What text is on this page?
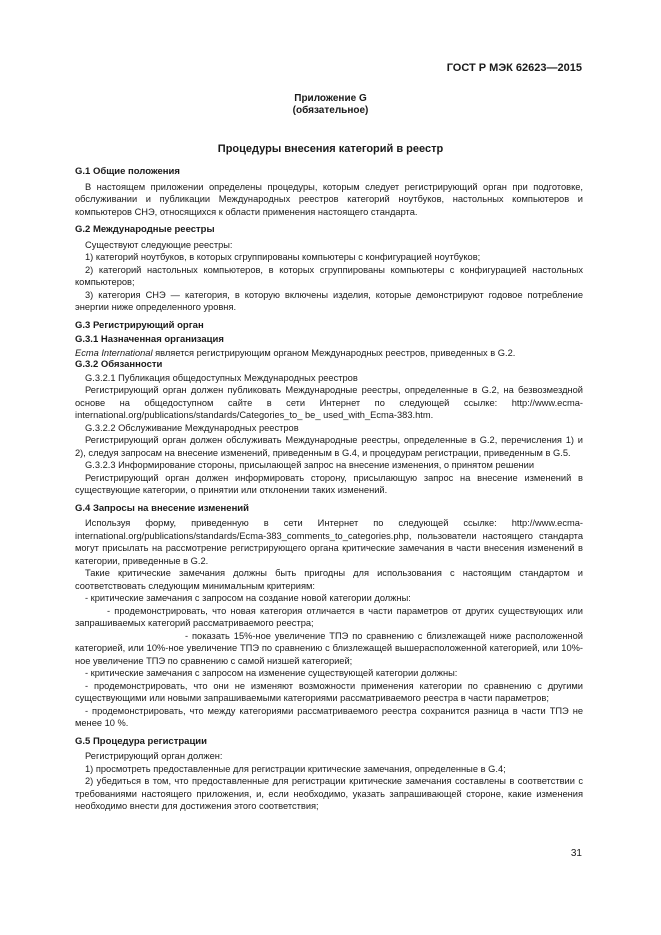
ГОСТ Р МЭК 62623—2015
Приложение G
(обязательное)
Процедуры внесения категорий в реестр
G.1 Общие положения

В настоящем приложении определены процедуры, которым следует регистрирующий орган при подготовке, обслуживании и публикации Международных реестров категорий ноутбуков, настольных компьютеров и компьютеров СНЭ, относящихся к области применения настоящего стандарта.

G.2 Международные реестры

Существуют следующие реестры:

1) категорий ноутбуков, в которых сгруппированы компьютеры с конфигурацией ноутбуков;

2) категорий настольных компьютеров, в которых сгруппированы компьютеры с конфигурацией настольных компьютеров;

3) категория СНЭ — категория, в которую включены изделия, которые демонстрируют годовое потребление энергии ниже определенного уровня.

G.3 Регистрирующий орган
G.3.1 Назначенная организация

Ecma International является регистрирующим органом Международных реестров, приведенных в G.2.

G.3.2 Обязанности

G.3.2.1 Публикация общедоступных Международных реестров

Регистрирующий орган должен публиковать Международные реестры, определенные в G.2, на безвозмездной основе на общедоступном сайте в сети Интернет по следующей ссылке: http://www.ecma-international.org/publications/standards/Categories_to_ be_ used_with_Ecma-383.htm.

G.3.2.2 Обслуживание Международных реестров

Регистрирующий орган должен обслуживать Международные реестры, определенные в G.2, перечисления 1) и 2), следуя запросам на внесение изменений, приведенным в G.4, и процедурам регистрации, приведенным в G.5.

G.3.2.3 Информирование стороны, присылающей запрос на внесение изменения, о принятом решении

Регистрирующий орган должен информировать сторону, присылающую запрос на внесение изменений в существующие категории, о принятии или отклонении таких изменений.

G.4 Запросы на внесение изменений

Используя форму, приведенную в сети Интернет по следующей ссылке: http://www.ecma-international.org/publications/standards/Ecma-383_comments_to_categories.php, пользователи настоящего стандарта могут присылать на рассмотрение регистрирующего органа критические замечания в части внесения изменений в категории, приведенные в G.2.

Такие критические замечания должны быть пригодны для использования с настоящим стандартом и соответствовать следующим минимальным критериям:

- критические замечания с запросом на создание новой категории должны:

- продемонстрировать, что новая категория отличается в части параметров от других существующих или запрашиваемых категорий рассматриваемого реестра;

- показать 15%-ное увеличение ТПЭ по сравнению с близлежащей ниже расположенной категорией, или 10%-ное увеличение ТПЭ по сравнению с близлежащей вышерасположенной категорией, или 10%-ное увеличение ТПЭ по сравнению с самой низшей категорией;

- критические замечания с запросом на изменение существующей категории должны:

- продемонстрировать, что они не изменяют возможности применения категории по сравнению с другими существующими или новыми запрашиваемыми категориями рассматриваемого реестра в части параметров;

- продемонстрировать, что между категориями рассматриваемого реестра сохранится разница в части ТПЭ не менее 10 %.

G.5 Процедура регистрации

Регистрирующий орган должен:

1) просмотреть предоставленные для регистрации критические замечания, определенные в G.4;

2) убедиться в том, что предоставленные для регистрации критические замечания составлены в соответствии с требованиями настоящего приложения, и, если необходимо, указать запрашивающей стороне, какие изменения необходимо внести для достижения этого соответствия;

31
